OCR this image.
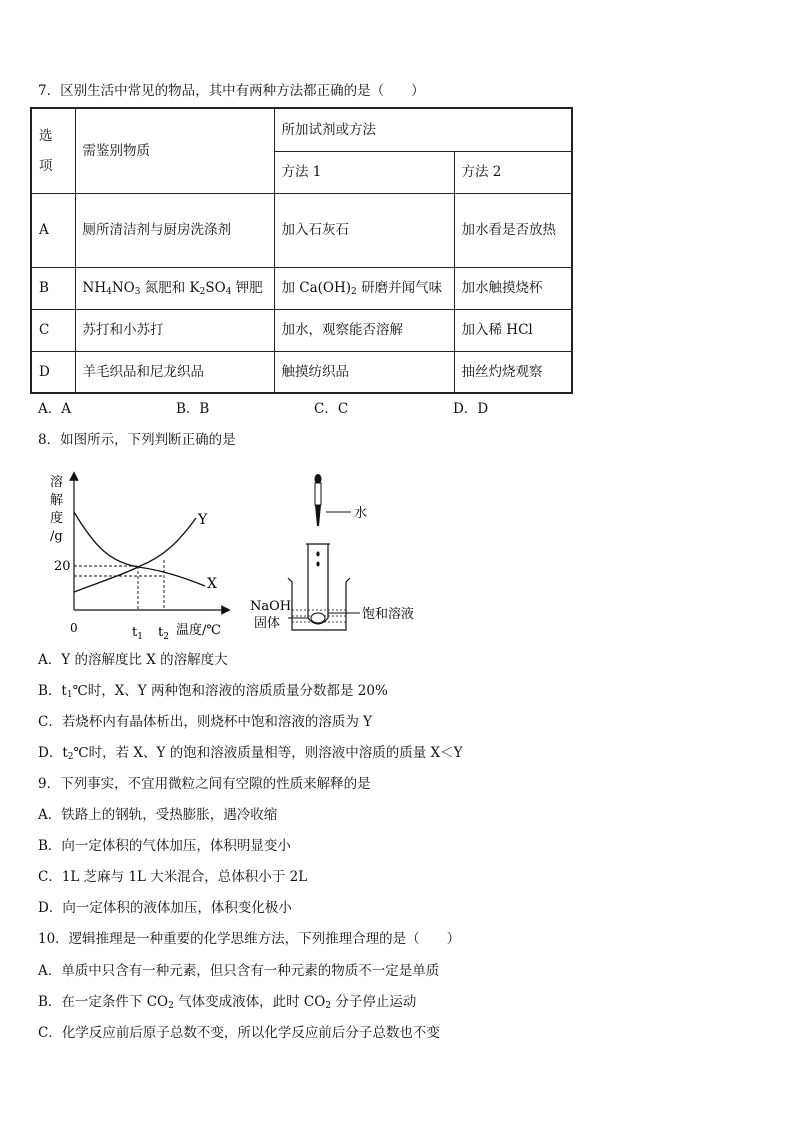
7．区别生活中常见的物品，其中有两种方法都正确的是（　　）
选
项	需鉴别物质	所加试剂或方法	
		方法 1	方法 2
A	厕所清洁剂与厨房洗涤剂	加入石灰石	加水看是否放热
B	$NH_4NO_3$ 氮肥和 $K_2SO_4$ 钾肥	加 $Ca(OH)_2$ 研磨并闻气味	加水触摸烧杯
C	苏打和小苏打	加水，观察能否溶解	加入稀 HCl
D	羊毛织品和尼龙织品	触摸纺织品	抽丝灼烧观察
A．A	B．B	C．C	D．D
8．如图所示，下列判断正确的是
溶
解
度
/g
20
Y
X
0	$t_1$ $t_2$ 温度/℃
水
NaOH
固体
饱和溶液
A．Y 的溶解度比 X 的溶解度大
B．$t_1℃$时，X、Y 两种饱和溶液的溶质质量分数都是 20%
C．若烧杯内有晶体析出，则烧杯中饱和溶液的溶质为 Y
D．$t_2℃$时，若 X、Y 的饱和溶液质量相等，则溶液中溶质的质量 X＜Y
9．下列事实，不宜用微粒之间有空隙的性质来解释的是
A．铁路上的钢轨，受热膨胀，遇冷收缩
B．向一定体积的气体加压，体积明显变小
C．1L 芝麻与 1L 大米混合，总体积小于 2L
D．向一定体积的液体加压，体积变化极小
10．逻辑推理是一种重要的化学思维方法，下列推理合理的是（　　）
A．单质中只含有一种元素，但只含有一种元素的物质不一定是单质
B．在一定条件下 $CO_2$ 气体变成液体，此时 $CO_2$ 分子停止运动
C．化学反应前后原子总数不变，所以化学反应前后分子总数也不变
